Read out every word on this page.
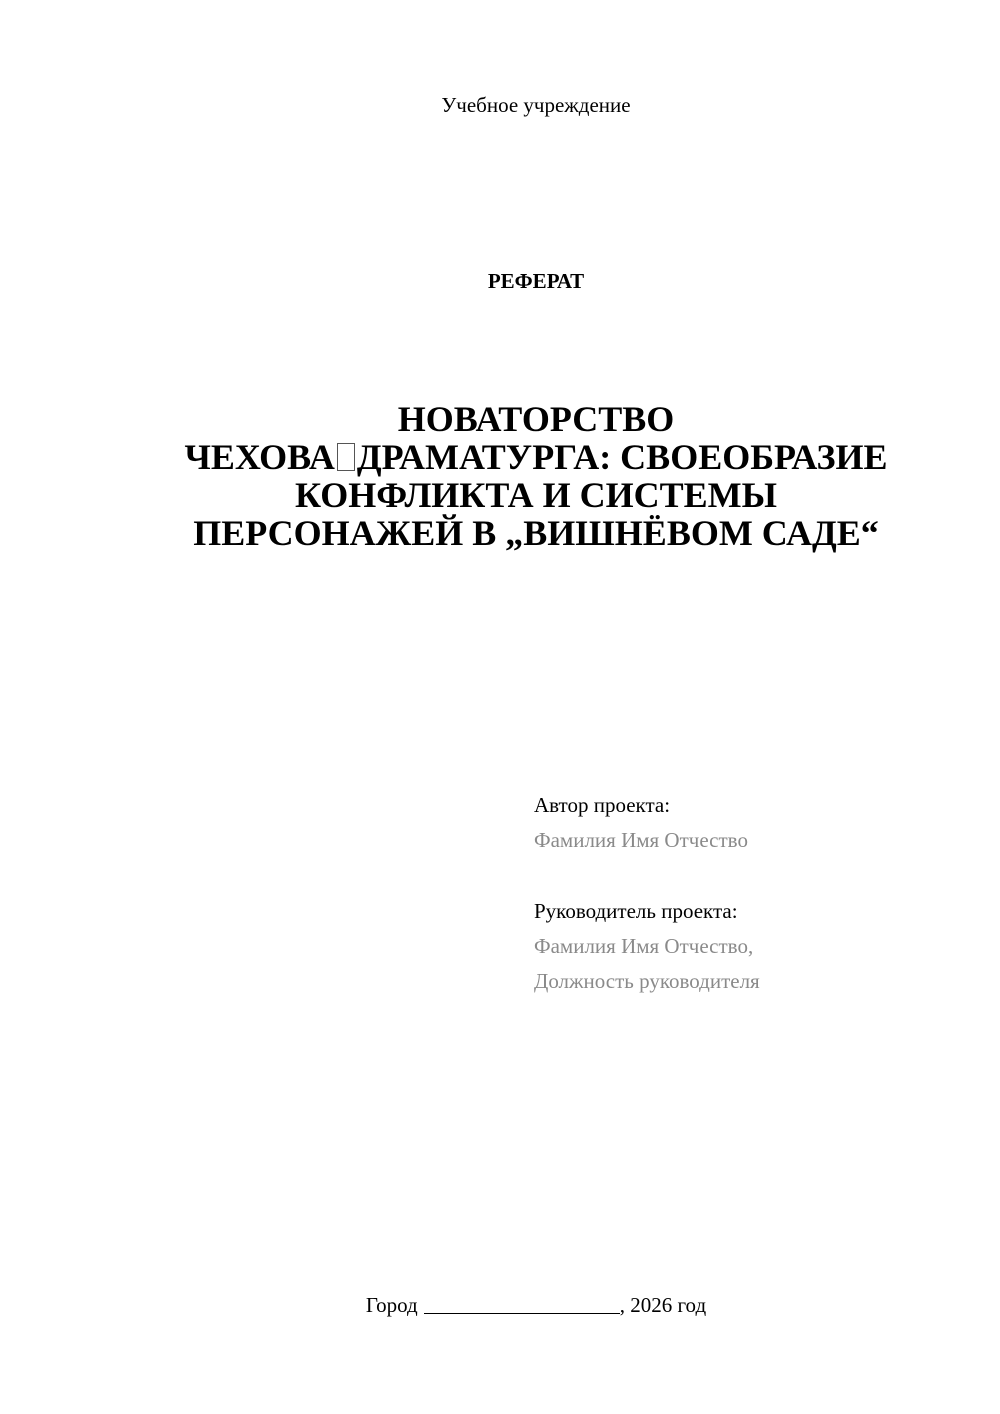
Учебное учреждение
РЕФЕРАТ
НОВАТОРСТВО
ЧЕХОВА ДРАМАТУРГА: СВОЕОБРАЗИЕ
КОНФЛИКТА И СИСТЕМЫ
ПЕРСОНАЖЕЙ В „ВИШНЁВОМ САДЕ“
Автор проекта:
Фамилия Имя Отчество
Руководитель проекта:
Фамилия Имя Отчество,
Должность руководителя
Город	, 2026 год
